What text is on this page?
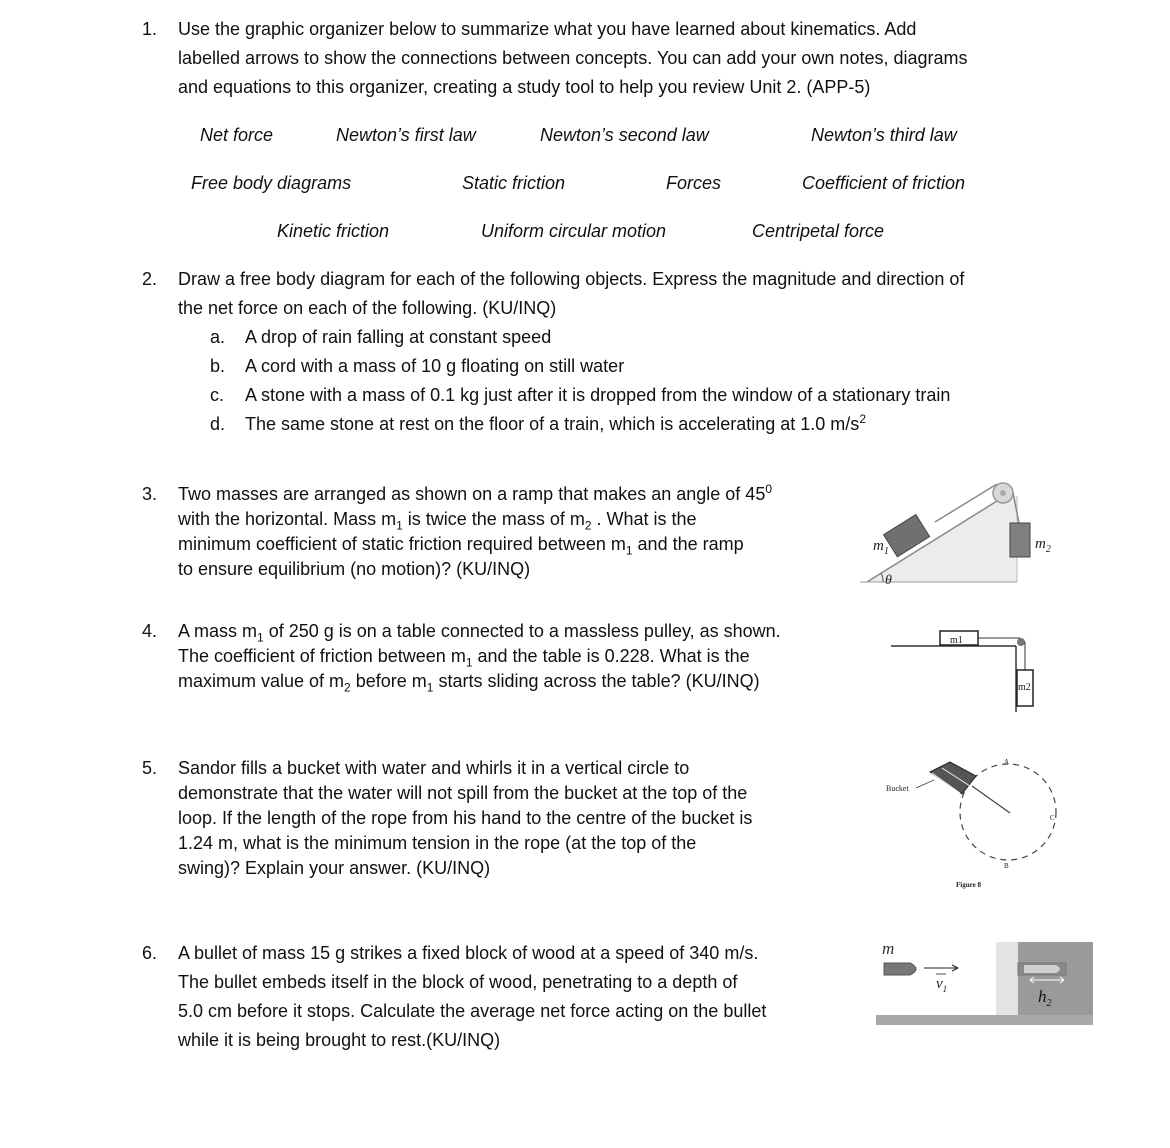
1.	Use the graphic organizer below to summarize what you have learned about kinematics. Add
labelled arrows to show the connections between concepts. You can add your own notes, diagrams
and equations to this organizer, creating a study tool to help you review Unit 2. (APP-5)
Net force	Newton’s first law	Newton’s second law	Newton’s third law
Free body diagrams	Static friction	Forces	Coefficient of friction
Kinetic friction	Uniform circular motion	Centripetal force
2.	Draw a free body diagram for each of the following objects. Express the magnitude and direction of
the net force on each of the following. (KU/INQ)
a. A drop of rain falling at constant speed
b. A cord with a mass of 10 g floating on still water
c. A stone with a mass of 0.1 kg just after it is dropped from the window of a stationary train
d. The same stone at rest on the floor of a train, which is accelerating at 1.0 $m/s^2$
3.	Two masses are arranged as shown on a ramp that makes an angle of $45^0$
with the horizontal. Mass $m_1$ is twice the mass of $m_2$ . What is the
minimum coefficient of static friction required between $m_1$ and the ramp
to ensure equilibrium (no motion)? (KU/INQ)
$m_1$	$m_2$
θ
4.	A mass $m_1$ of 250 g is on a table connected to a massless pulley, as shown.
The coefficient of friction between $m_1$ and the table is 0.228. What is the
maximum value of $m_2$ before $m_1$ starts sliding across the table? (KU/INQ)
m1
m2
5.	Sandor fills a bucket with water and whirls it in a vertical circle to
demonstrate that the water will not spill from the bucket at the top of the
loop. If the length of the rope from his hand to the centre of the bucket is
1.24 m, what is the minimum tension in the rope (at the top of the
swing)? Explain your answer. (KU/INQ)
Bucket
A
C
B
Figure 8
6.	A bullet of mass 15 g strikes a fixed block of wood at a speed of 340 m/s.
The bullet embeds itself in the block of wood, penetrating to a depth of
5.0 cm before it stops. Calculate the average net force acting on the bullet
while it is being brought to rest.(KU/INQ)
$h_2$
m
$v_1$
